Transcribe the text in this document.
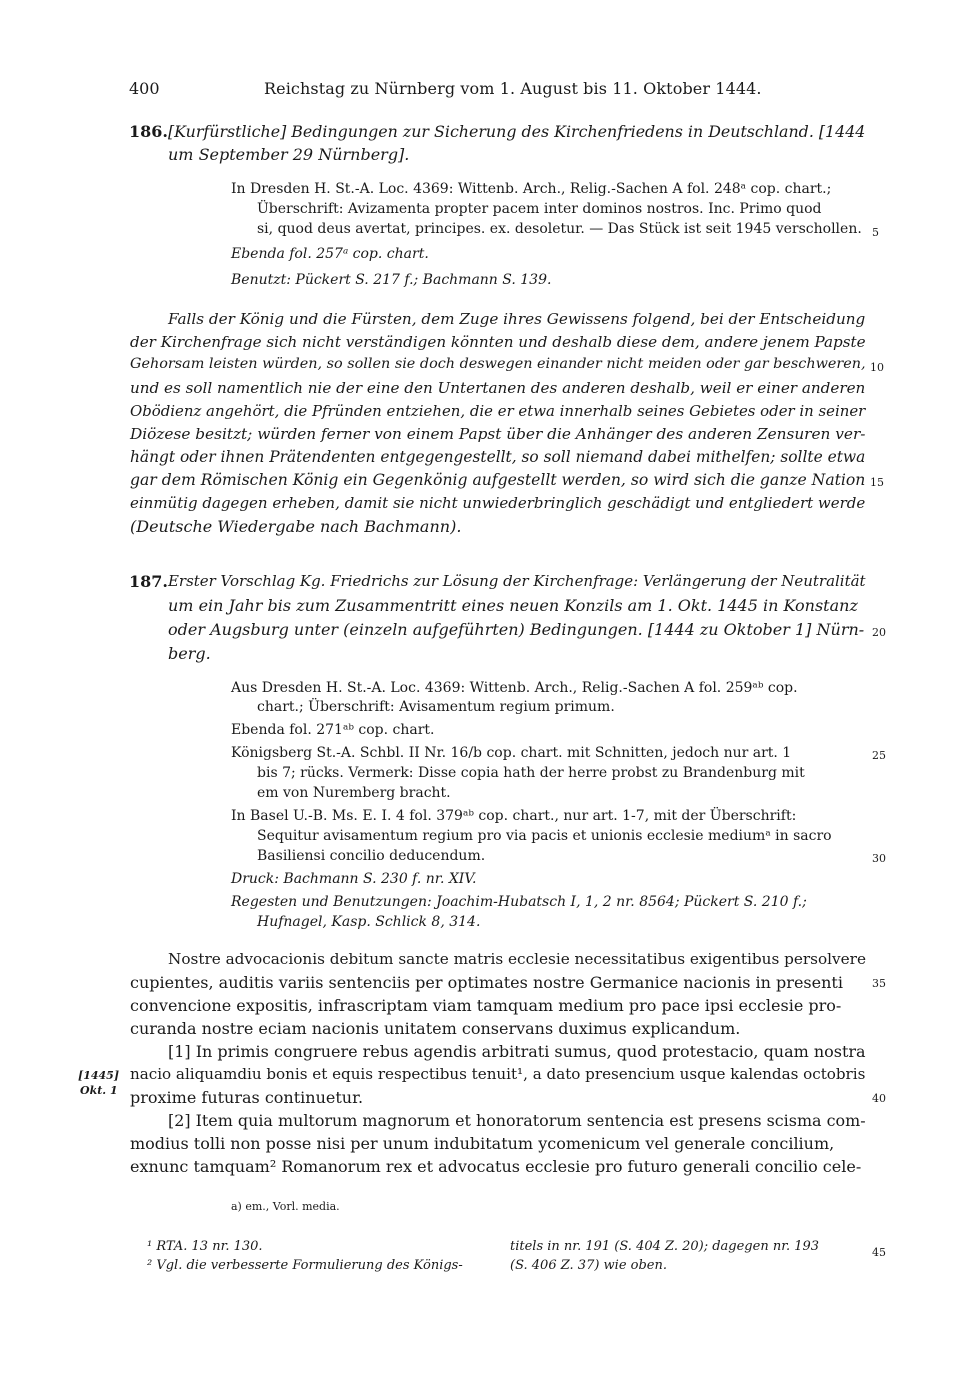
400	Reichstag zu Nürnberg vom 1. August bis 11. Oktober 1444.
186. [Kurfürstliche] Bedingungen zur Sicherung des Kirchenfriedens in Deutschland. [1444
um September 29 Nürnberg].
In Dresden H. St.-A. Loc. 4369: Wittenb. Arch., Relig.-Sachen A fol. 248ᵃ cop. chart.;
Überschrift: Avizamenta propter pacem inter dominos nostros. Inc. Primo quod
si, quod deus avertat, principes. ex. desoletur. — Das Stück ist seit 1945 verschollen.
Ebenda fol. 257ᵃ cop. chart.
Benutzt: Pückert S. 217 f.; Bachmann S. 139.
Falls der König und die Fürsten, dem Zuge ihres Gewissens folgend, bei der Entscheidung
der Kirchenfrage sich nicht verständigen könnten und deshalb diese dem, andere jenem Papste
Gehorsam leisten würden, so sollen sie doch deswegen einander nicht meiden oder gar beschweren,
und es soll namentlich nie der eine den Untertanen des anderen deshalb, weil er einer anderen
Obödienz angehört, die Pfründen entziehen, die er etwa innerhalb seines Gebietes oder in seiner
Diözese besitzt; würden ferner von einem Papst über die Anhänger des anderen Zensuren ver-
hängt oder ihnen Prätendenten entgegengestellt, so soll niemand dabei mithelfen; sollte etwa
gar dem Römischen König ein Gegenkönig aufgestellt werden, so wird sich die ganze Nation
einmütig dagegen erheben, damit sie nicht unwiederbringlich geschädigt und entgliedert werde
(Deutsche Wiedergabe nach Bachmann).
187. Erster Vorschlag Kg. Friedrichs zur Lösung der Kirchenfrage: Verlängerung der Neutralität
um ein Jahr bis zum Zusammentritt eines neuen Konzils am 1. Okt. 1445 in Konstanz
oder Augsburg unter (einzeln aufgeführten) Bedingungen. [1444 zu Oktober 1] Nürn-
berg.
Aus Dresden H. St.-A. Loc. 4369: Wittenb. Arch., Relig.-Sachen A fol. 259ᵃᵇ cop.
chart.; Überschrift: Avisamentum regium primum.
Ebenda fol. 271ᵃᵇ cop. chart.
Königsberg St.-A. Schbl. II Nr. 16/b cop. chart. mit Schnitten, jedoch nur art. 1
bis 7; rücks. Vermerk: Disse copia hath der herre probst zu Brandenburg mit
em von Nuremberg bracht.
In Basel U.-B. Ms. E. I. 4 fol. 379ᵃᵇ cop. chart., nur art. 1-7, mit der Überschrift:
Sequitur avisamentum regium pro via pacis et unionis ecclesie mediumᵃ in sacro
Basiliensi concilio deducendum.
Druck: Bachmann S. 230 f. nr. XIV.
Regesten und Benutzungen: Joachim-Hubatsch I, 1, 2 nr. 8564; Pückert S. 210 f.;
Hufnagel, Kasp. Schlick 8, 314.
Nostre advocacionis debitum sancte matris ecclesie necessitatibus exigentibus persolvere
cupientes, auditis variis sentenciis per optimates nostre Germanice nacionis in presenti
convencione expositis, infrascriptam viam tamquam medium pro pace ipsi ecclesie pro-
curanda nostre eciam nacionis unitatem conservans duximus explicandum.
[1] In primis congruere rebus agendis arbitrati sumus, quod protestacio, quam nostra
nacio aliquamdiu bonis et equis respectibus tenuit¹, a dato presencium usque kalendas octobris
proxime futuras continuetur.
[2] Item quia multorum magnorum et honoratorum sentencia est presens scisma com-
modius tolli non posse nisi per unum indubitatum ycomenicum vel generale concilium,
exnunc tamquam² Romanorum rex et advocatus ecclesie pro futuro generali concilio cele-
[1445]
Okt. 1
5
10
15
20
25
30
35
40
45
a) em., Vorl. media.
¹ RTA. 13 nr. 130.
² Vgl. die verbesserte Formulierung des Königs-
titels in nr. 191 (S. 404 Z. 20); dagegen nr. 193
(S. 406 Z. 37) wie oben.
